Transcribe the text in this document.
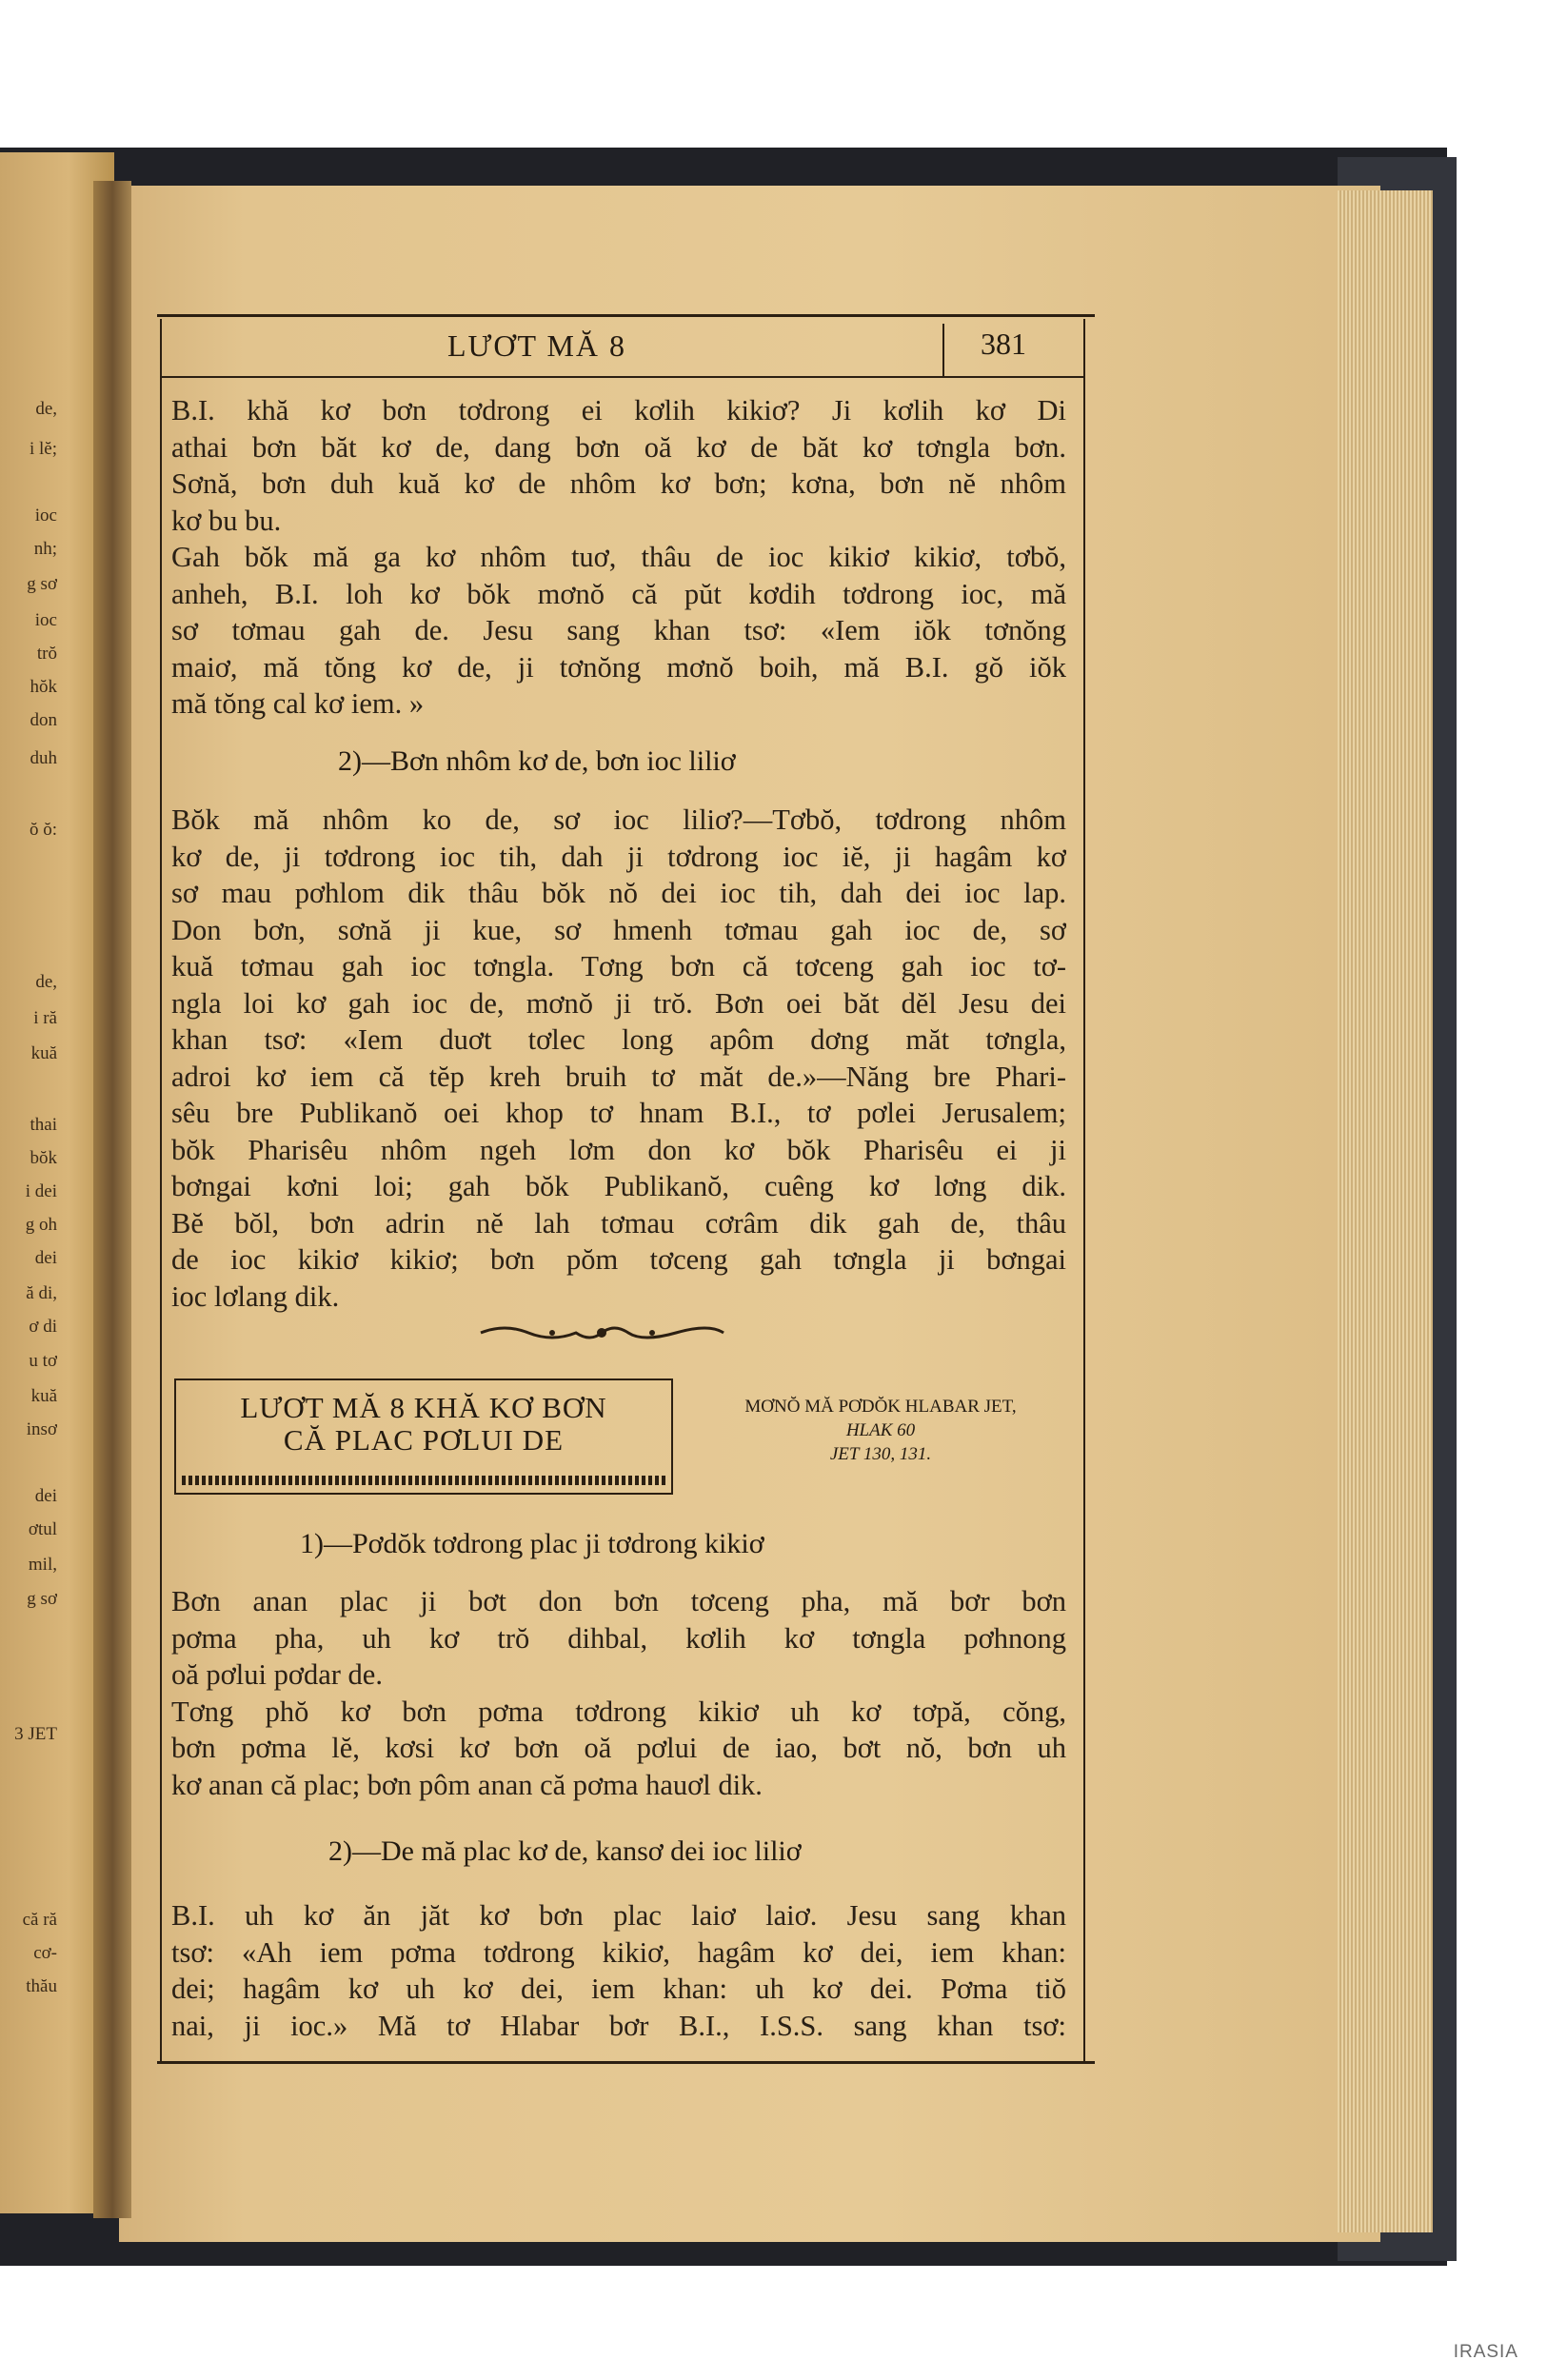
de,
i lĕ;
ioc
nh;
g sơ
ioc
trŏ
hŏk
don
duh
ŏ ŏ:
de,
i ră
kuă
thai
bŏk
i dei
g oh
dei
ă di,
ơ di
u tơ
kuă
insơ
dei
ơtul
mil,
g sơ
3 JET
că ră
cơ-
thău
LƯƠT MĂ 8	381
B.I. khă kơ bơn tơdrong ei kơlih kikiơ? Ji kơlih kơ Di
athai bơn băt kơ de, dang bơn oă kơ de băt kơ tơngla bơn.
Sơnă, bơn duh kuă kơ de nhôm kơ bơn; kơna, bơn nĕ nhôm
kơ bu bu.
Gah bŏk mă ga kơ nhôm tuơ, thâu de ioc kikiơ kikiơ, tơbŏ,
anheh, B.I. loh kơ bŏk mơnŏ că pŭt kơdih tơdrong ioc, mă
sơ tơmau gah de. Jesu sang khan tsơ: «Iem iŏk tơnŏng
maiơ, mă tŏng kơ de, ji tơnŏng mơnŏ boih, mă B.I. gŏ iŏk
mă tŏng cal kơ iem. »
2)—Bơn nhôm kơ de, bơn ioc liliơ
Bŏk mă nhôm ko de, sơ ioc liliơ?—Tơbŏ, tơdrong nhôm
kơ de, ji tơdrong ioc tih, dah ji tơdrong ioc iĕ, ji hagâm kơ
sơ mau pơhlom dik thâu bŏk nŏ dei ioc tih, dah dei ioc lap.
Don bơn, sơnă ji kue, sơ hmenh tơmau gah ioc de, sơ
kuă tơmau gah ioc tơngla. Tơng bơn că tơceng gah ioc tơ-
ngla loi kơ gah ioc de, mơnŏ ji trŏ. Bơn oei băt dĕl Jesu dei
khan tsơ: «Iem duơt tơlec long apôm dơng măt tơngla,
adroi kơ iem că tĕp kreh bruih tơ măt de.»—Năng bre Phari-
sêu bre Publikanŏ oei khop tơ hnam B.I., tơ pơlei Jerusalem;
bŏk Pharisêu nhôm ngeh lơm don kơ bŏk Pharisêu ei ji
bơngai kơni loi; gah bŏk Publikanŏ, cuêng kơ lơng dik.
Bĕ bŏl, bơn adrin nĕ lah tơmau cơrâm dik gah de, thâu
de ioc kikiơ kikiơ; bơn pŏm tơceng gah tơngla ji bơngai
ioc lơlang dik.
LƯƠT MĂ 8 KHĂ KƠ BƠN
CĂ PLAC PƠLUI DE
MƠNŎ MĂ PƠDŎK HLABAR JET,
HLAK 60
JET 130, 131.
1)—Pơdŏk tơdrong plac ji tơdrong kikiơ
Bơn anan plac ji bơt don bơn tơceng pha, mă bơr bơn
pơma pha, uh kơ trŏ dihbal, kơlih kơ tơngla pơhnong
oă pơlui pơdar de.
Tơng phŏ kơ bơn pơma tơdrong kikiơ uh kơ tơpă, cŏng,
bơn pơma lĕ, kơsi kơ bơn oă pơlui de iao, bơt nŏ, bơn uh
kơ anan că plac; bơn pôm anan că pơma hauơl dik.
2)—De mă plac kơ de, kansơ dei ioc liliơ
B.I. uh kơ ăn jăt kơ bơn plac laiơ laiơ. Jesu sang khan
tsơ: «Ah iem pơma tơdrong kikiơ, hagâm kơ dei, iem khan:
dei; hagâm kơ uh kơ dei, iem khan: uh kơ dei. Pơma tiŏ
nai, ji ioc.» Mă tơ Hlabar bơr B.I., I.S.S. sang khan tsơ:
IRASIA
